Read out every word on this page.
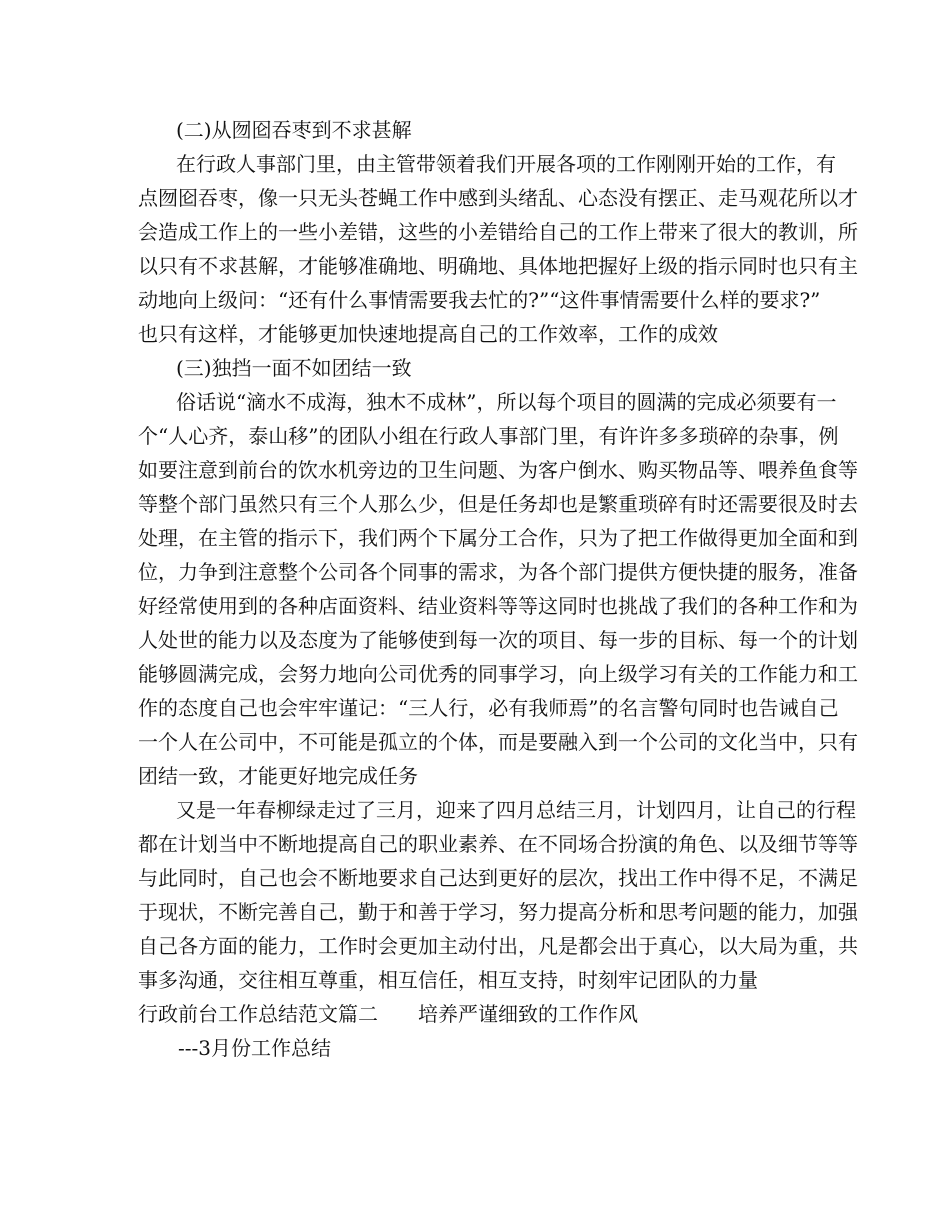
(二)从囫囵吞枣到不求甚解
在 行 政 人 事 部 门 里 ， 由 主 管 带 领 着 我 们 开 展 各 项 的 工 作 刚 刚 开 始 的 工 作 ， 有
点 囫 囵 吞 枣 ， 像 一 只 无 头 苍 蝇 工 作 中 感 到 头 绪 乱 、 心 态 没 有 摆 正 、 走 马 观 花 所 以 才
会 造 成 工 作 上 的 一 些 小 差 错 ， 这 些 的 小 差 错 给 自 己 的 工 作 上 带 来 了 很 大 的 教 训 ， 所
以 只 有 不 求 甚 解 ， 才 能 够 准 确 地 、 明 确 地 、 具 体 地 把 握 好 上 级 的 指 示 同 时 也 只 有 主
动 地 向 上 级 问 ： “ 还 有 什 么 事 情 需 要 我 去 忙 的 ? ” “ 这 件 事 情 需 要 什 么 样 的 要 求 ? ”
也只有这样，才能够更加快速地提高自己的工作效率，工作的成效
(三)独挡一面不如团结一致
俗 话 说 “ 滴 水 不 成 海 ， 独 木 不 成 林 ” ， 所 以 每 个 项 目 的 圆 满 的 完 成 必 须 要 有 一
个 “ 人 心 齐 ， 泰 山 移 ” 的 团 队 小 组 在 行 政 人 事 部 门 里 ， 有 许 许 多 多 琐 碎 的 杂 事 ， 例
如 要 注 意 到 前 台 的 饮 水 机 旁 边 的 卫 生 问 题 、 为 客 户 倒 水 、 购 买 物 品 等 、 喂 养 鱼 食 等
等 整 个 部 门 虽 然 只 有 三 个 人 那 么 少 ， 但 是 任 务 却 也 是 繁 重 琐 碎 有 时 还 需 要 很 及 时 去
处 理 ， 在 主 管 的 指 示 下 ， 我 们 两 个 下 属 分 工 合 作 ， 只 为 了 把 工 作 做 得 更 加 全 面 和 到
位 ， 力 争 到 注 意 整 个 公 司 各 个 同 事 的 需 求 ， 为 各 个 部 门 提 供 方 便 快 捷 的 服 务 ， 准 备
好 经 常 使 用 到 的 各 种 店 面 资 料 、 结 业 资 料 等 等 这 同 时 也 挑 战 了 我 们 的 各 种 工 作 和 为
人 处 世 的 能 力 以 及 态 度 为 了 能 够 使 到 每 一 次 的 项 目 、 每 一 步 的 目 标 、 每 一 个 的 计 划
能 够 圆 满 完 成 ， 会 努 力 地 向 公 司 优 秀 的 同 事 学 习 ， 向 上 级 学 习 有 关 的 工 作 能 力 和 工
作 的 态 度 自 己 也 会 牢 牢 谨 记 ： “ 三 人 行 ， 必 有 我 师 焉 ” 的 名 言 警 句 同 时 也 告 诫 自 己
一 个 人 在 公 司 中 ， 不 可 能 是 孤 立 的 个 体 ， 而 是 要 融 入 到 一 个 公 司 的 文 化 当 中 ， 只 有
团结一致，才能更好地完成任务
又 是 一 年 春 柳 绿 走 过 了 三 月 ， 迎 来 了 四 月 总 结 三 月 ， 计 划 四 月 ， 让 自 己 的 行 程
都 在 计 划 当 中 不 断 地 提 高 自 己 的 职 业 素 养 、 在 不 同 场 合 扮 演 的 角 色 、 以 及 细 节 等 等
与 此 同 时 ， 自 己 也 会 不 断 地 要 求 自 己 达 到 更 好 的 层 次 ， 找 出 工 作 中 得 不 足 ， 不 满 足
于 现 状 ， 不 断 完 善 自 己 ， 勤 于 和 善 于 学 习 ， 努 力 提 高 分 析 和 思 考 问 题 的 能 力 ， 加 强
自 己 各 方 面 的 能 力 ， 工 作 时 会 更 加 主 动 付 出 ， 凡 是 都 会 出 于 真 心 ， 以 大 局 为 重 ， 共
事多沟通，交往相互尊重，相互信任，相互支持，时刻牢记团队的力量
行政前台工作总结范文篇二　　培养严谨细致的工作作风
---3月份工作总结
